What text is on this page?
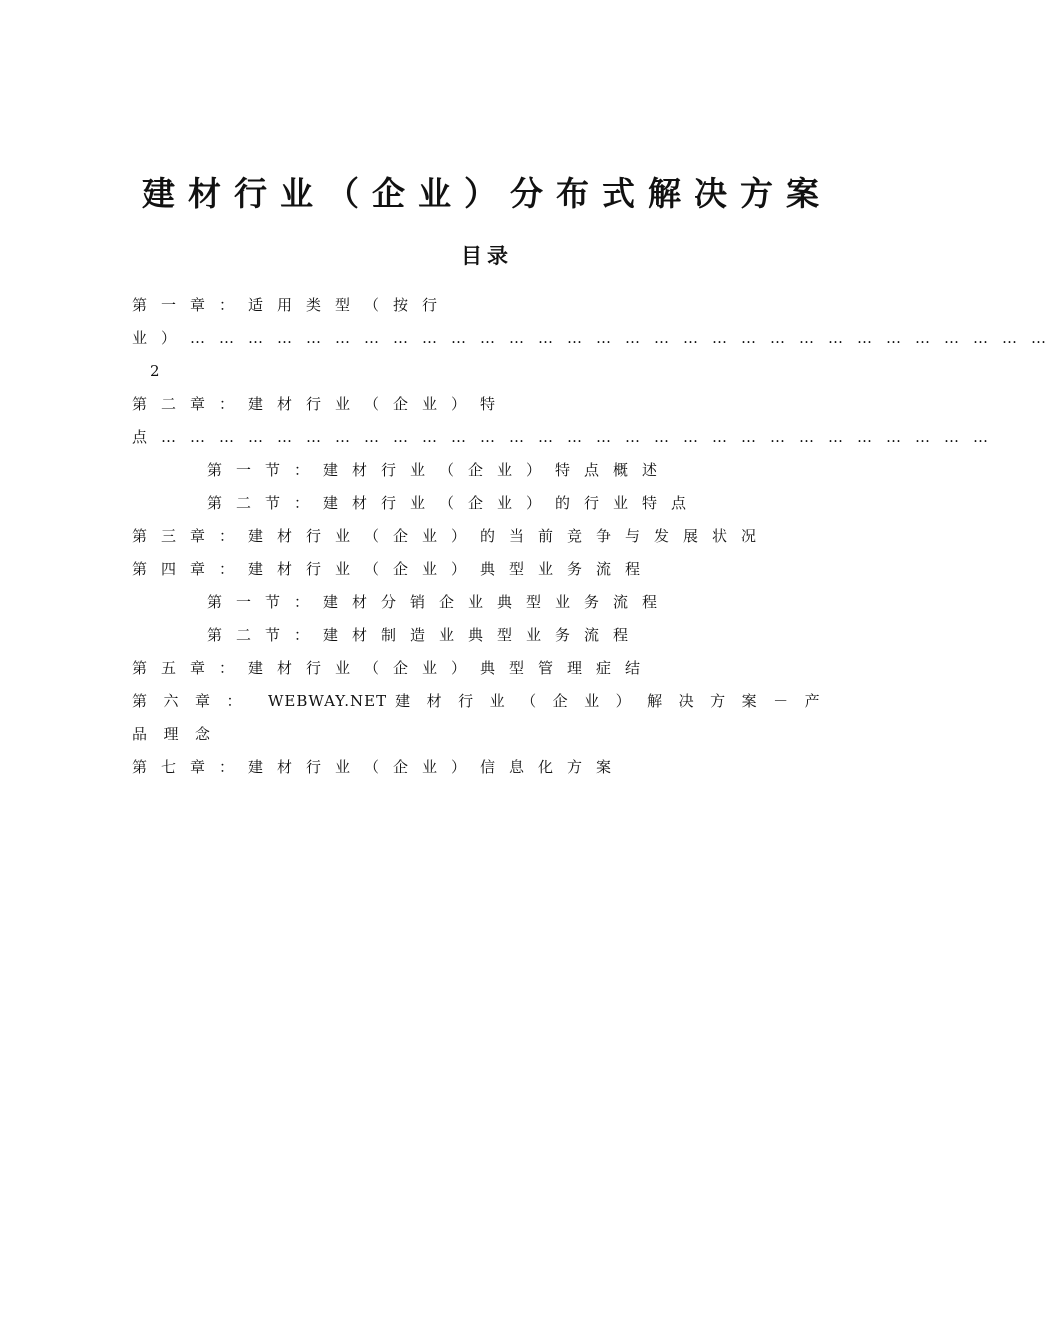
建材行业（企业）分布式解决方案
目录
第一章：适用类型（按行业）………………………………………………………………………………2
第二章：建材行业（企业）特点……………………………………………………………………………
第一节：建材行业（企业）特点概述
第二节：建材行业（企业）的行业特点
第三章：建材行业（企业）的当前竞争与发展状况
第四章：建材行业（企业）典型业务流程
第一节：建材分销企业典型业务流程
第二节：建材制造业典型业务流程
第五章：建材行业（企业）典型管理症结
第六章： WEBWAY.NET 建材行业（企业）解决方案－产品理念
第七章：建材行业（企业）信息化方案
